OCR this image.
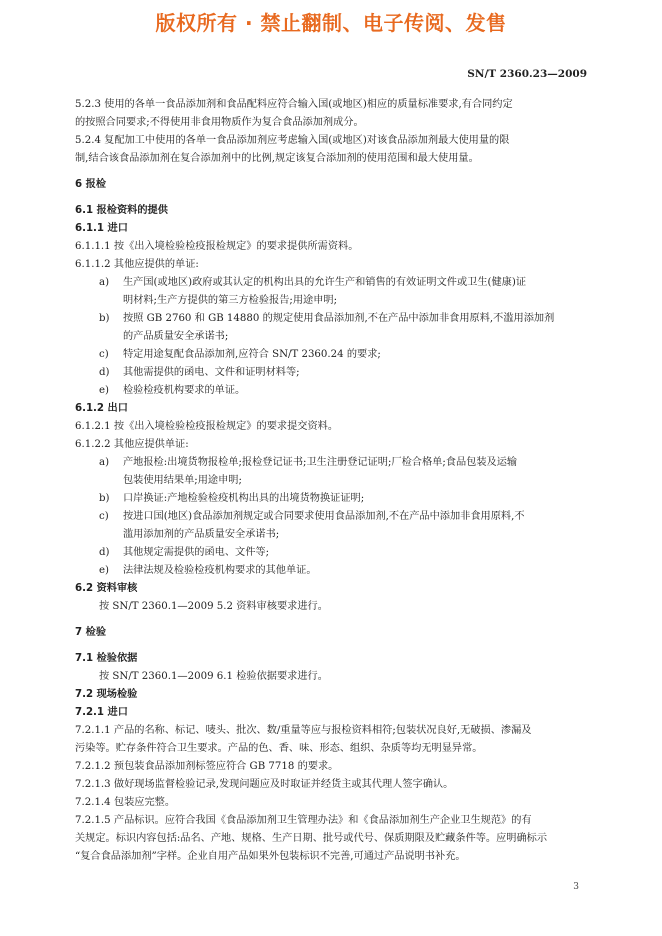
版权所有 · 禁止翻制、电子传阅、发售
SN/T 2360.23—2009
5.2.3 使用的各单一食品添加剂和食品配料应符合输入国(或地区)相应的质量标准要求,有合同约定
的按照合同要求;不得使用非食用物质作为复合食品添加剂成分。
5.2.4 复配加工中使用的各单一食品添加剂应考虑输入国(或地区)对该食品添加剂最大使用量的限
制,结合该食品添加剂在复合添加剂中的比例,规定该复合添加剂的使用范围和最大使用量。
6 报检
6.1 报检资料的提供
6.1.1 进口
6.1.1.1 按《出入境检验检疫报检规定》的要求提供所需资料。
6.1.1.2 其他应提供的单证:
a)	生产国(或地区)政府或其认定的机构出具的允许生产和销售的有效证明文件或卫生(健康)证
明材料;生产方提供的第三方检验报告;用途申明;
b)	按照 GB 2760 和 GB 14880 的规定使用食品添加剂,不在产品中添加非食用原料,不滥用添加剂
的产品质量安全承诺书;
c)	特定用途复配食品添加剂,应符合 SN/T 2360.24 的要求;
d)	其他需提供的函电、文件和证明材料等;
e)	检验检疫机构要求的单证。
6.1.2 出口
6.1.2.1 按《出入境检验检疫报检规定》的要求提交资料。
6.1.2.2 其他应提供单证:
a)	产地报检:出境货物报检单;报检登记证书;卫生注册登记证明;厂检合格单;食品包装及运输
包装使用结果单;用途申明;
b)	口岸换证:产地检验检疫机构出具的出境货物换证证明;
c)	按进口国(地区)食品添加剂规定或合同要求使用食品添加剂,不在产品中添加非食用原料,不
滥用添加剂的产品质量安全承诺书;
d)	其他规定需提供的函电、文件等;
e)	法律法规及检验检疫机构要求的其他单证。
6.2 资料审核
按 SN/T 2360.1—2009 5.2 资料审核要求进行。
7 检验
7.1 检验依据
按 SN/T 2360.1—2009 6.1 检验依据要求进行。
7.2 现场检验
7.2.1 进口
7.2.1.1 产品的名称、标记、唛头、批次、数/重量等应与报检资料相符;包装状况良好,无破损、渗漏及
污染等。贮存条件符合卫生要求。产品的色、香、味、形态、组织、杂质等均无明显异常。
7.2.1.2 预包装食品添加剂标签应符合 GB 7718 的要求。
7.2.1.3 做好现场监督检验记录,发现问题应及时取证并经货主或其代理人签字确认。
7.2.1.4 包装应完整。
7.2.1.5 产品标识。应符合我国《食品添加剂卫生管理办法》和《食品添加剂生产企业卫生规范》的有
关规定。标识内容包括:品名、产地、规格、生产日期、批号或代号、保质期限及贮藏条件等。应明确标示
“复合食品添加剂”字样。企业自用产品如果外包装标识不完善,可通过产品说明书补充。
3
